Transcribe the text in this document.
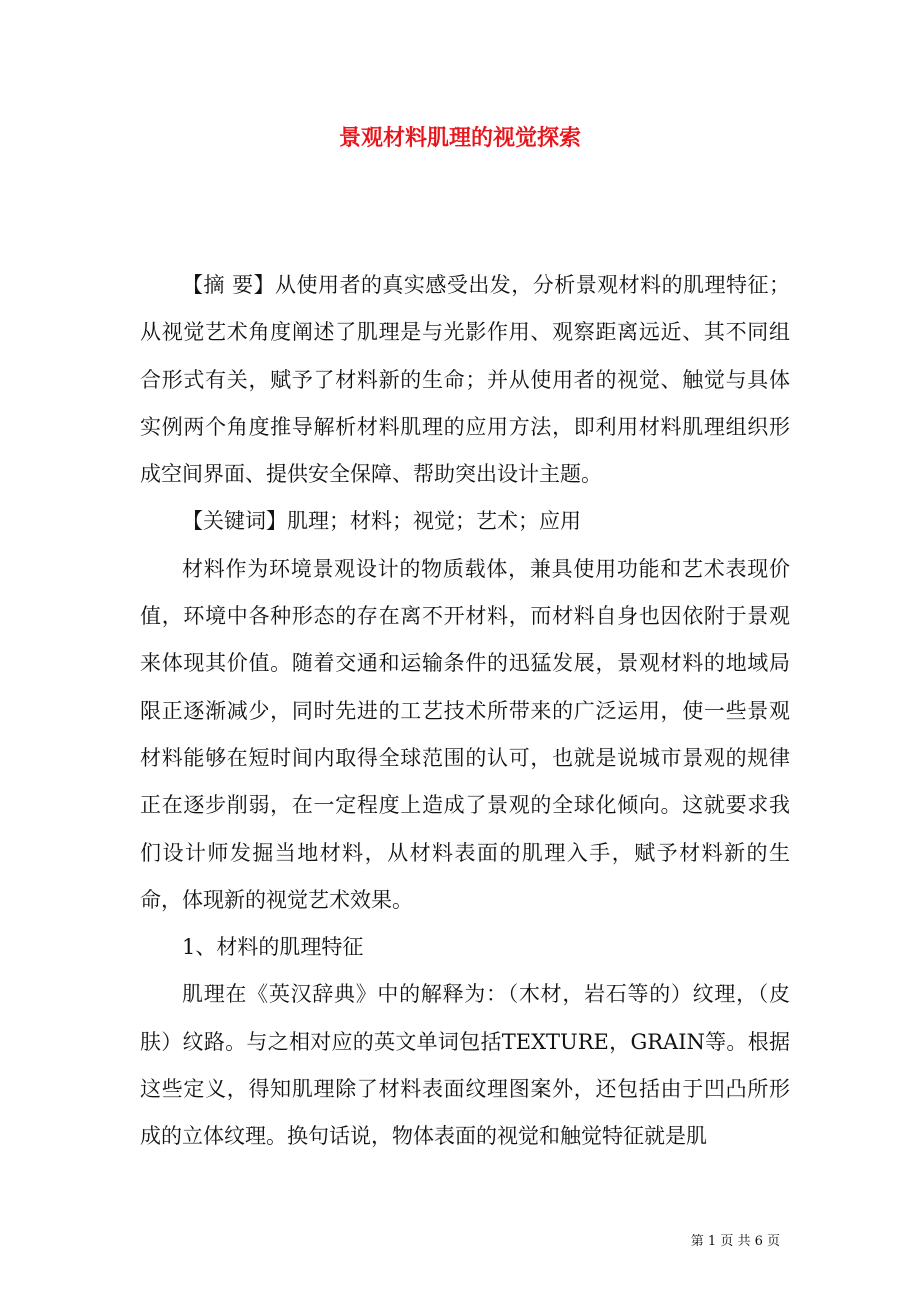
景观材料肌理的视觉探索

【摘 要】从使用者的真实感受出发，分析景观材料的肌理特征；从视觉艺术角度阐述了肌理是与光影作用、观察距离远近、其不同组合形式有关，赋予了材料新的生命；并从使用者的视觉、触觉与具体实例两个角度推导解析材料肌理的应用方法，即利用材料肌理组织形成空间界面、提供安全保障、帮助突出设计主题。

【关键词】肌理；材料；视觉；艺术；应用

材料作为环境景观设计的物质载体，兼具使用功能和艺术表现价值，环境中各种形态的存在离不开材料，而材料自身也因依附于景观来体现其价值。随着交通和运输条件的迅猛发展，景观材料的地域局限正逐渐减少，同时先进的工艺技术所带来的广泛运用，使一些景观材料能够在短时间内取得全球范围的认可，也就是说城市景观的规律正在逐步削弱，在一定程度上造成了景观的全球化倾向。这就要求我们设计师发掘当地材料，从材料表面的肌理入手，赋予材料新的生命，体现新的视觉艺术效果。

1、材料的肌理特征

肌理在《英汉辞典》中的解释为：（木材，岩石等的）纹理，（皮肤）纹路。与之相对应的英文单词包括TEXTURE，GRAIN等。根据这些定义，得知肌理除了材料表面纹理图案外，还包括由于凹凸所形成的立体纹理。换句话说，物体表面的视觉和触觉特征就是肌

第 1 页 共 6 页
